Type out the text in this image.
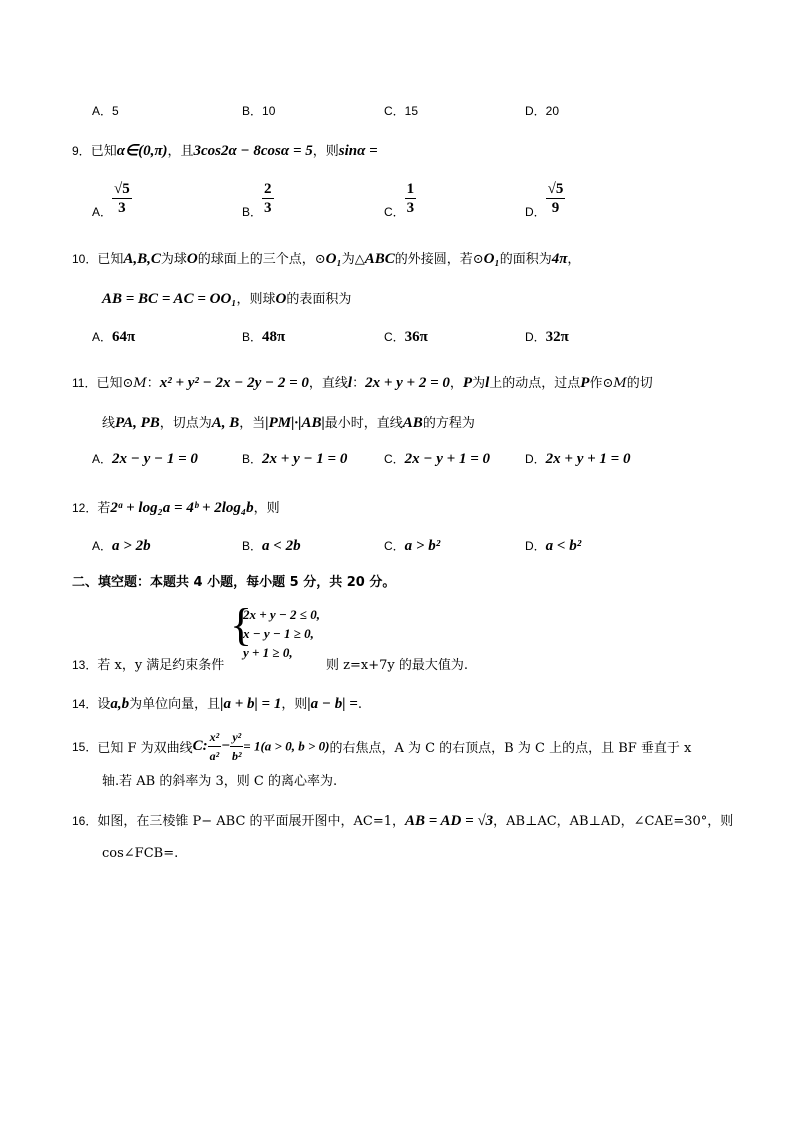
A．5	B．10	C．15	D．20
9．已知α∈(0,π)，且3cos2α − 8cosα = 5，则sinα =
A． $\frac{√5}{3}$	B． $\frac{2}{3}$	C． $\frac{1}{3}$	D． $\frac{√5}{9}$
10．已知A,B,C为球O的球面上的三个点，⊙O₁为△ABC的外接圆，若⊙O₁的面积为4π，
AB = BC = AC = OO₁，则球O的表面积为
A．64π	B．48π	C．36π	D．32π
11．已知⊙M：x² + y² − 2x − 2y − 2 = 0，直线l：2x + y + 2 = 0，P为l上的动点，过点P作⊙M的切
线PA, PB，切点为A, B，当|PM|·|AB|最小时，直线AB的方程为
A．2x − y − 1 = 0	B．2x + y − 1 = 0	C．2x − y + 1 = 0	D．2x + y + 1 = 0
12．若2ᵃ + log₂a = 4ᵇ + 2log₄b，则
A．a > 2b	B．a < 2b	C．a > b²	D．a < b²
二、填空题：本题共 4 小题，每小题 5 分，共 20 分。
{
2x + y − 2 ≤ 0,
x − y − 1 ≥ 0,
y + 1 ≥ 0,
13．若 x，y 满足约束条件	则 z=x+7y 的最大值为.
14．设a,b为单位向量，且|a + b| = 1，则|a − b| =.
15．已知 F 为双曲线C: $\frac{\text{x²}}{\text{a²}} - \frac{\text{y²}}{\text{b²}} = 1(a > 0$, b > 0)的右焦点，A 为 C 的右顶点，B 为 C 上的点，且 BF 垂直于 x
轴.若 AB 的斜率为 3，则 C 的离心率为.
16．如图，在三棱锥 P− ABC 的平面展开图中，AC=1，AB = AD = √3，AB⊥AC，AB⊥AD，∠CAE=30°，则
cos∠FCB=.
